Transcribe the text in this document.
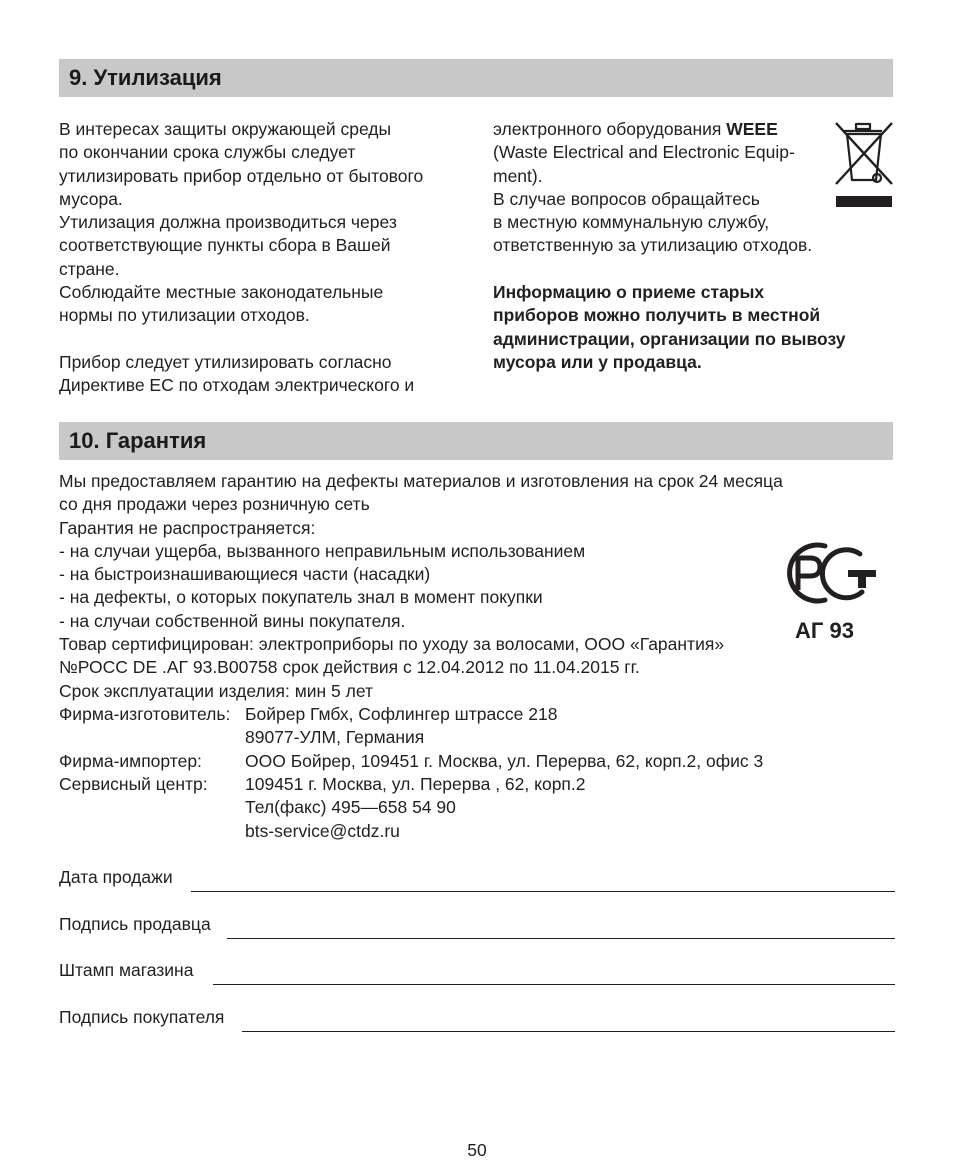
9. Утилизация
В интересах защиты окружающей среды
по окончании срока службы следует
утилизировать прибор отдельно от бытового
мусора.
Утилизация должна производиться через
соответствующие пункты сбора в Вашей
стране.
Соблюдайте местные законодательные
нормы по утилизации отходов.
Прибор следует утилизировать согласно
Директиве ЕС по отходам электрического и
электронного оборудования WEEE
(Waste Electrical and Electronic Equip-
ment).
В случае вопросов обращайтесь
в местную коммунальную службу,
ответственную за утилизацию отходов.
Информацию о приеме старых
приборов можно получить в местной
администрации, организации по вывозу
мусора или у продавца.
10. Гарантия
Мы предоставляем гарантию на дефекты материалов и изготовления на срок 24 месяца
со дня продажи через розничную сеть
Гарантия не распространяется:
- на случаи ущерба, вызванного неправильным использованием
- на быстроизнашивающиеся части (насадки)
- на дефекты, о которых покупатель знал в момент покупки
- на случаи собственной вины покупателя.
Товар сертифицирован: электроприборы по уходу за волосами, ООО «Гарантия»
№РОСС DE .АГ 93.В00758 срок действия с 12.04.2012 по 11.04.2015 гг.
Срок эксплуатации изделия: мин 5 лет
АГ 93
Фирма-изготовитель: Бойрер Гмбх, Софлингер штрассе 218
89077-УЛМ, Германия
Фирма-импортер: ООО Бойрер, 109451 г. Москва, ул. Перерва, 62, корп.2, офис 3
Сервисный центр: 109451 г. Москва, ул. Перерва , 62, корп.2
Тел(факс) 495—658 54 90
bts-service@ctdz.ru
Дата продажи
Подпись продавца
Штамп магазина
Подпись покупателя
50
